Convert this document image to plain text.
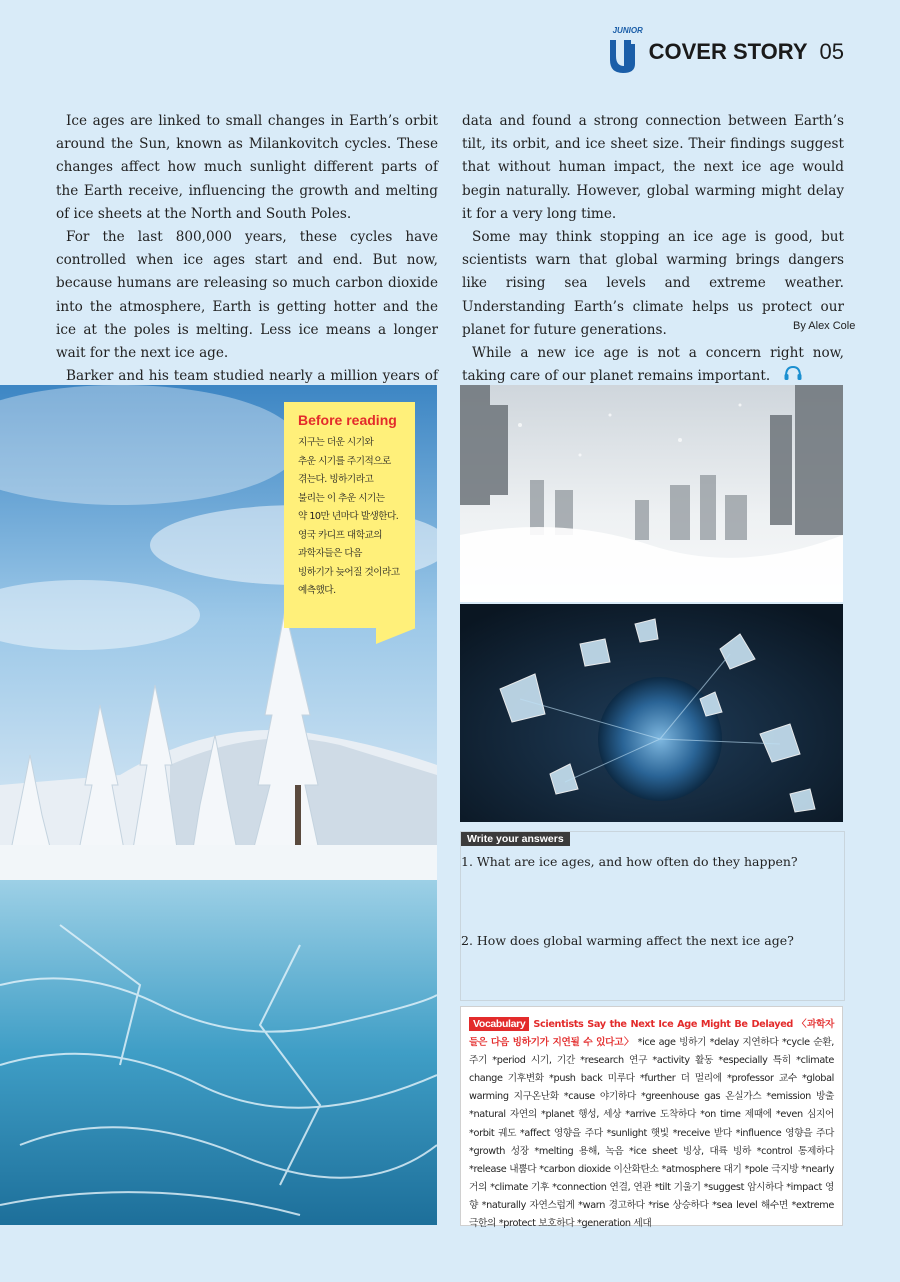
JUNIOR
COVER STORY 05

Ice ages are linked to small changes in Earth’s orbit around the Sun, known as Milankovitch cycles. These changes affect how much sunlight different parts of the Earth receive, influencing the growth and melting of ice sheets at the North and South Poles.

For the last 800,000 years, these cycles have controlled when ice ages start and end. But now, because humans are releasing so much carbon dioxide into the atmosphere, Earth is getting hotter and the ice at the poles is melting. Less ice means a longer wait for the next ice age.

Barker and his team studied nearly a million years of

data and found a strong connection between Earth’s tilt, its orbit, and ice sheet size. Their findings suggest that without human impact, the next ice age would begin naturally. However, global warming might delay it for a very long time.

Some may think stopping an ice age is good, but scientists warn that global warming brings dangers like rising sea levels and extreme weather. Understanding Earth’s climate helps us protect our planet for future generations.

While a new ice age is not a concern right now, taking care of our planet remains important.

By Alex Cole
Before reading
지구는 더운 시기와
추운 시기를 주기적으로
겪는다. 빙하기라고
불리는 이 추운 시기는
약 10만 년마다 발생한다.
영국 카디프 대학교의
과학자들은 다음
빙하기가 늦어질 것이라고
예측했다.
Write your answers
1. What are ice ages, and how often do they happen?
2. How does global warming affect the next ice age?
Vocabulary Scientists Say the Next Ice Age Might Be Delayed 〈과학자들은 다음 빙하기가 지연될 수 있다고〉 *ice age 빙하기 *delay 지연하다 *cycle 순환, 주기 *period 시기, 기간 *research 연구 *activity 활동 *especially 특히 *climate change 기후변화 *push back 미루다 *further 더 멀리에 *professor 교수 *global warming 지구온난화 *cause 야기하다 *greenhouse gas 온실가스 *emission 방출 *natural 자연의 *planet 행성, 세상 *arrive 도착하다 *on time 제때에 *even 심지어 *orbit 궤도 *affect 영향을 주다 *sunlight 햇빛 *receive 받다 *influence 영향을 주다 *growth 성장 *melting 용해, 녹음 *ice sheet 빙상, 대륙 빙하 *control 통제하다 *release 내뿜다 *carbon dioxide 이산화탄소 *atmosphere 대기 *pole 극지방 *nearly 거의 *climate 기후 *connection 연결, 연관 *tilt 기울기 *suggest 암시하다 *impact 영향 *naturally 자연스럽게 *warn 경고하다 *rise 상승하다 *sea level 해수면 *extreme 극한의 *protect 보호하다 *generation 세대
